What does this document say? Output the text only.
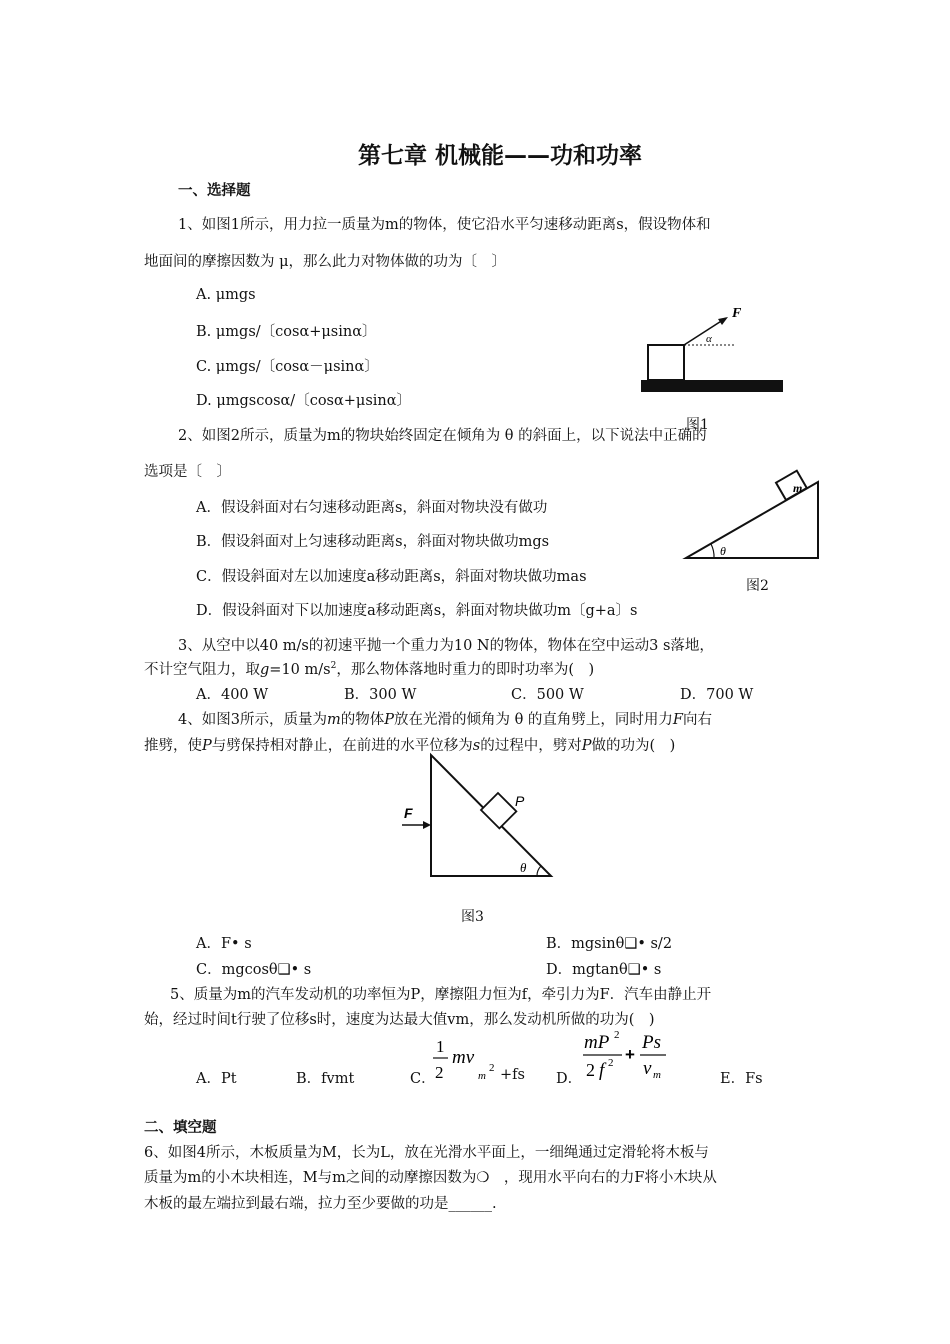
第七章 机械能——功和功率
一、选择题
1、如图1所示，用力拉一质量为m的物体，使它沿水平匀速移动距离s，假设物体和
地面间的摩擦因数为 μ，那么此力对物体做的功为〔　〕
A. μmgs
B. μmgs/〔cosα+μsinα〕
C. μmgs/〔cosα－μsinα〕
D. μmgscosα/〔cosα+μsinα〕
F
α
图1
2、如图2所示，质量为m的物块始终固定在倾角为 θ 的斜面上，以下说法中正确的
选项是〔　〕
A．假设斜面对右匀速移动距离s，斜面对物块没有做功
B．假设斜面对上匀速移动距离s，斜面对物块做功mgs
C．假设斜面对左以加速度a移动距离s，斜面对物块做功mas
D．假设斜面对下以加速度a移动距离s，斜面对物块做功m〔g+a〕s
m
θ
图2
3、从空中以40 m/s的初速平抛一个重力为10 N的物体，物体在空中运动3 s落地，
不计空气阻力，取g=10 $m/s^2$，那么物体落地时重力的即时功率为(　)
A．400 W	B．300 W	C．500 W	D．700 W
4、如图3所示，质量为m的物体P放在光滑的倾角为 θ 的直角劈上，同时用力F向右
推劈，使P与劈保持相对静止，在前进的水平位移为s的过程中，劈对P做的功为(　)
P
F
θ
图3
A．F• s	B．mgsinθ❑• s/2
C．mgcosθ❑• s	D．mgtanθ❑• s
5、质量为m的汽车发动机的功率恒为P，摩擦阻力恒为f，牵引力为F．汽车由静止开
始，经过时间t行驶了位移s时，速度为达最大值vm，那么发动机所做的功为(　)
A．Pt	B．fvmt	C．	+fs D．	E．Fs
1
2
mv
m
2
mP 2
2 f 2 +
Ps
v m
二、填空题
6、如图4所示，木板质量为M，长为L，放在光滑水平面上，一细绳通过定滑轮将木板与
质量为m的小木块相连，M与m之间的动摩擦因数为❍　，现用水平向右的力F将小木块从
木板的最左端拉到最右端，拉力至少要做的功是______.
